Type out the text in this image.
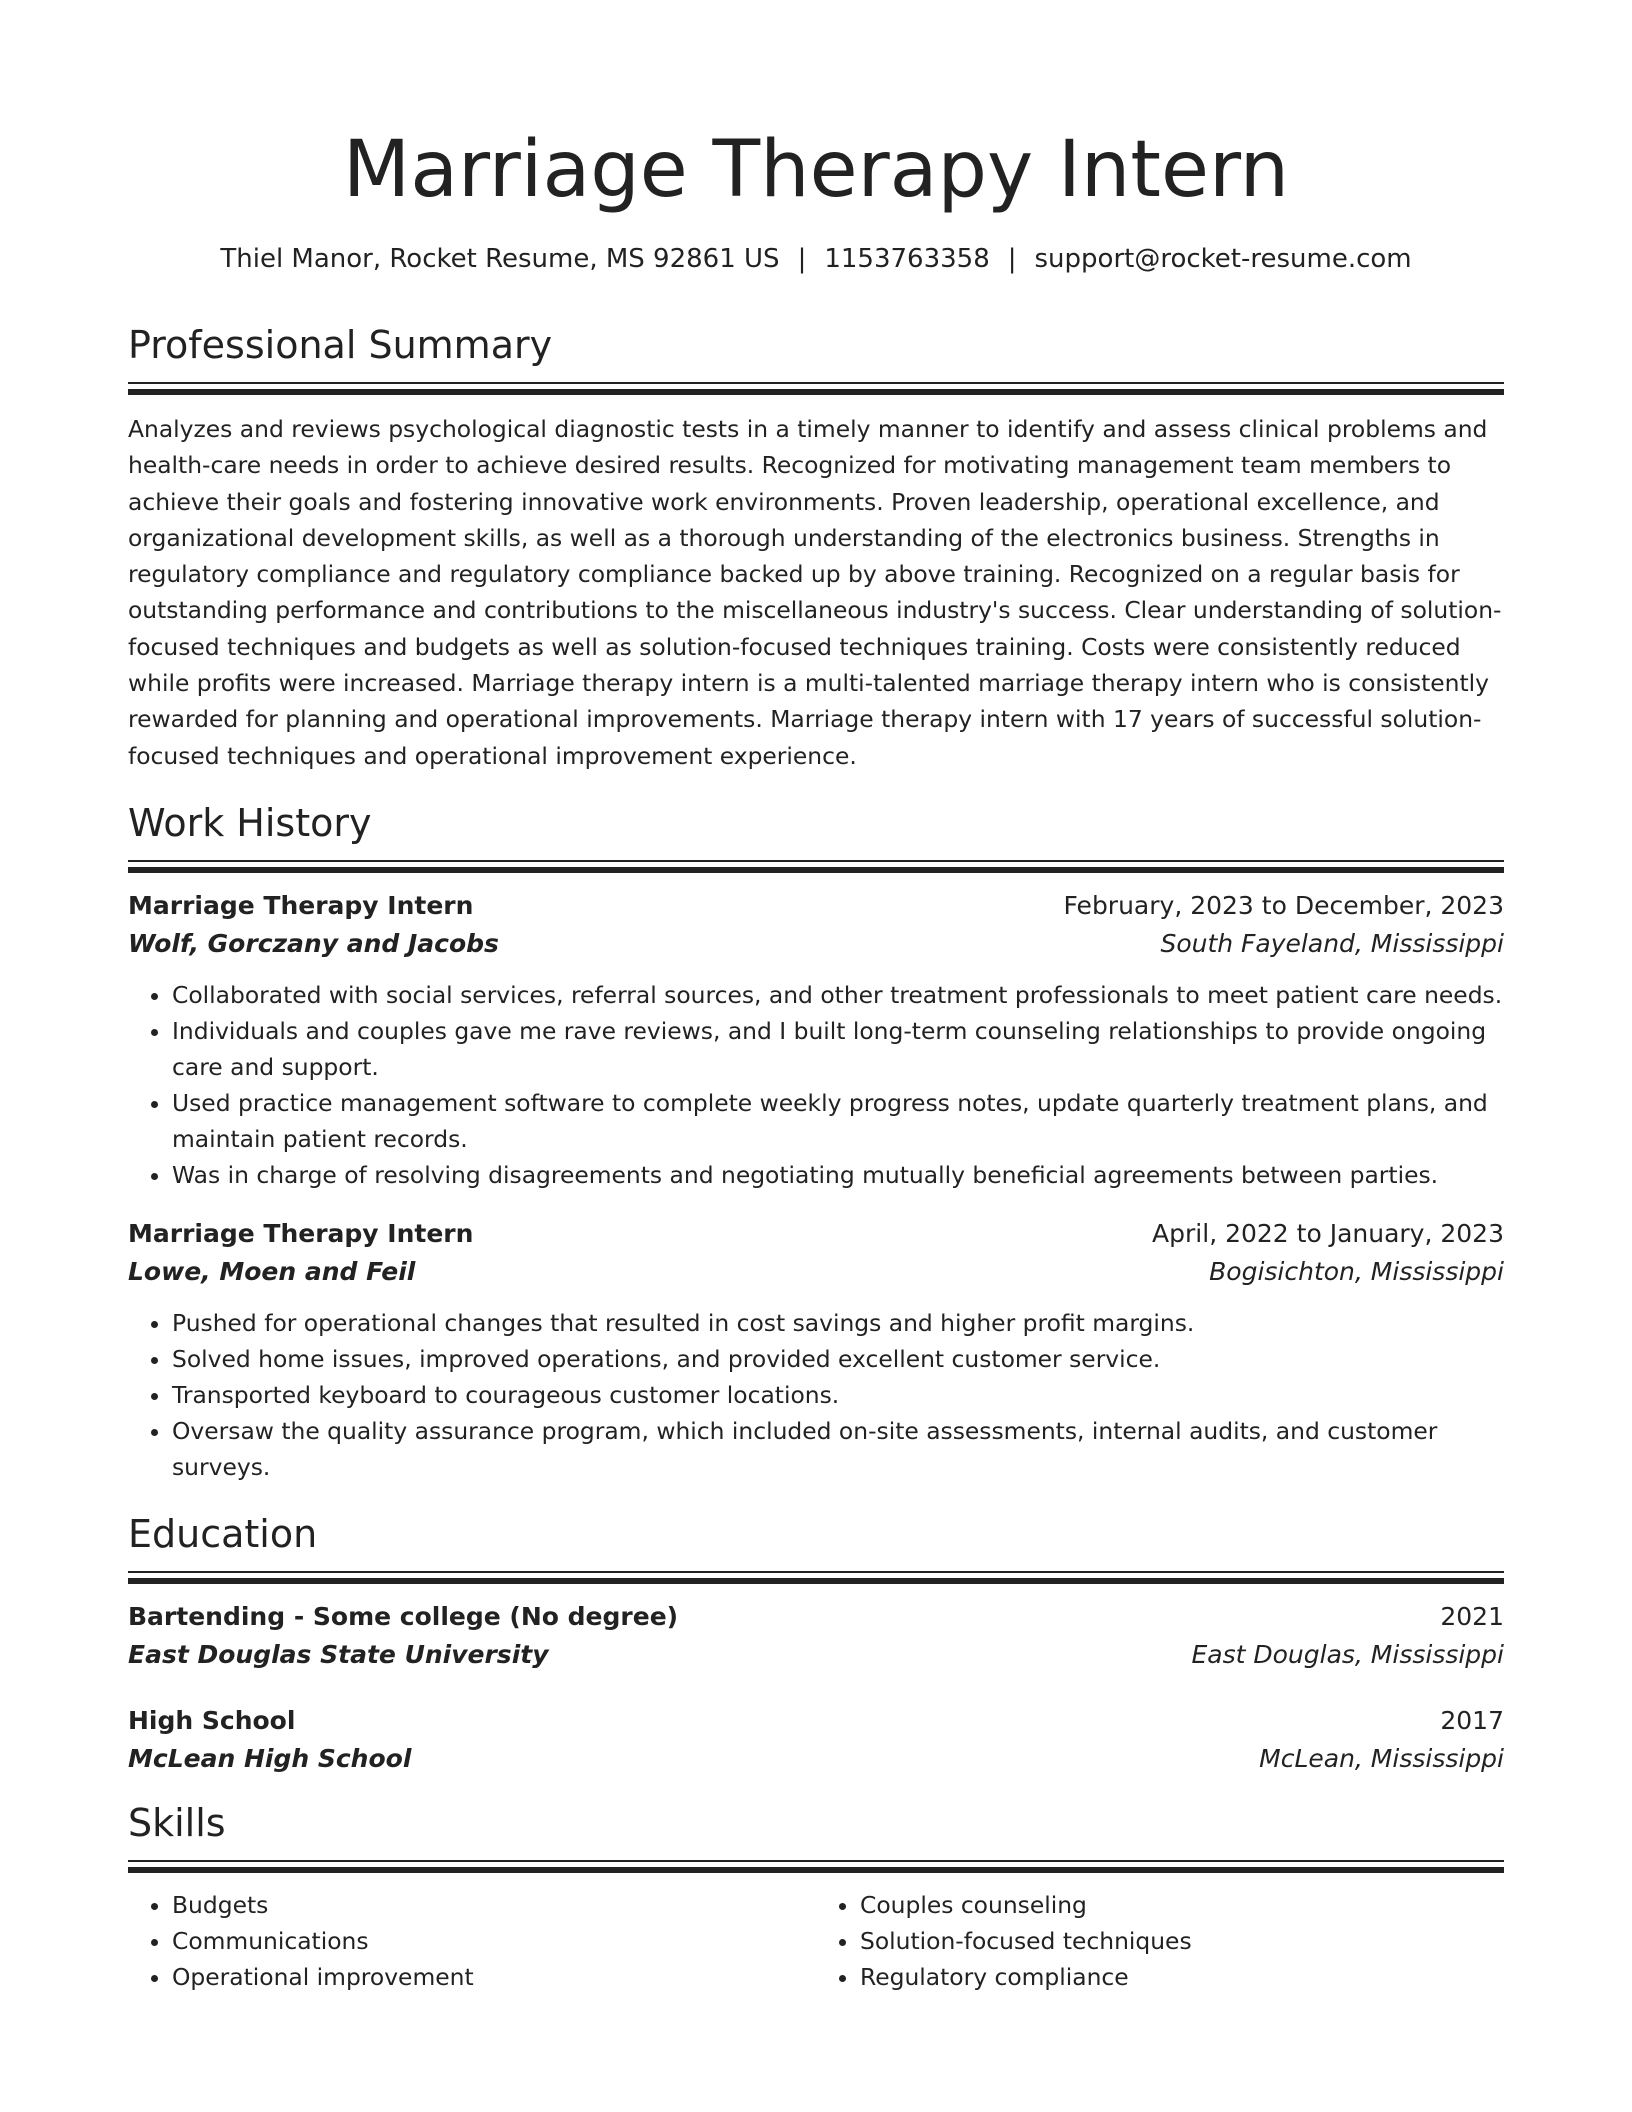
Marriage Therapy Intern
Thiel Manor, Rocket Resume, MS 92861 US | 1153763358 | support@rocket-resume.com
Professional Summary
Analyzes and reviews psychological diagnostic tests in a timely manner to identify and assess clinical problems and health-care needs in order to achieve desired results. Recognized for motivating management team members to achieve their goals and fostering innovative work environments. Proven leadership, operational excellence, and organizational development skills, as well as a thorough understanding of the electronics business. Strengths in regulatory compliance and regulatory compliance backed up by above training. Recognized on a regular basis for outstanding performance and contributions to the miscellaneous industry's success. Clear understanding of solution-focused techniques and budgets as well as solution-focused techniques training. Costs were consistently reduced while profits were increased. Marriage therapy intern is a multi-talented marriage therapy intern who is consistently rewarded for planning and operational improvements. Marriage therapy intern with 17 years of successful solution-focused techniques and operational improvement experience.
Work History
Marriage Therapy Intern	February, 2023 to December, 2023
Wolf, Gorczany and Jacobs	South Fayeland, Mississippi
• Collaborated with social services, referral sources, and other treatment professionals to meet patient care needs.
• Individuals and couples gave me rave reviews, and I built long-term counseling relationships to provide ongoing care and support.
• Used practice management software to complete weekly progress notes, update quarterly treatment plans, and maintain patient records.
• Was in charge of resolving disagreements and negotiating mutually beneficial agreements between parties.
Marriage Therapy Intern	April, 2022 to January, 2023
Lowe, Moen and Feil	Bogisichton, Mississippi
• Pushed for operational changes that resulted in cost savings and higher profit margins.
• Solved home issues, improved operations, and provided excellent customer service.
• Transported keyboard to courageous customer locations.
• Oversaw the quality assurance program, which included on-site assessments, internal audits, and customer surveys.
Education
Bartending - Some college (No degree)	2021
East Douglas State University	East Douglas, Mississippi
High School	2017
McLean High School	McLean, Mississippi
Skills
• Budgets
• Communications
• Operational improvement
• Couples counseling
• Solution-focused techniques
• Regulatory compliance
